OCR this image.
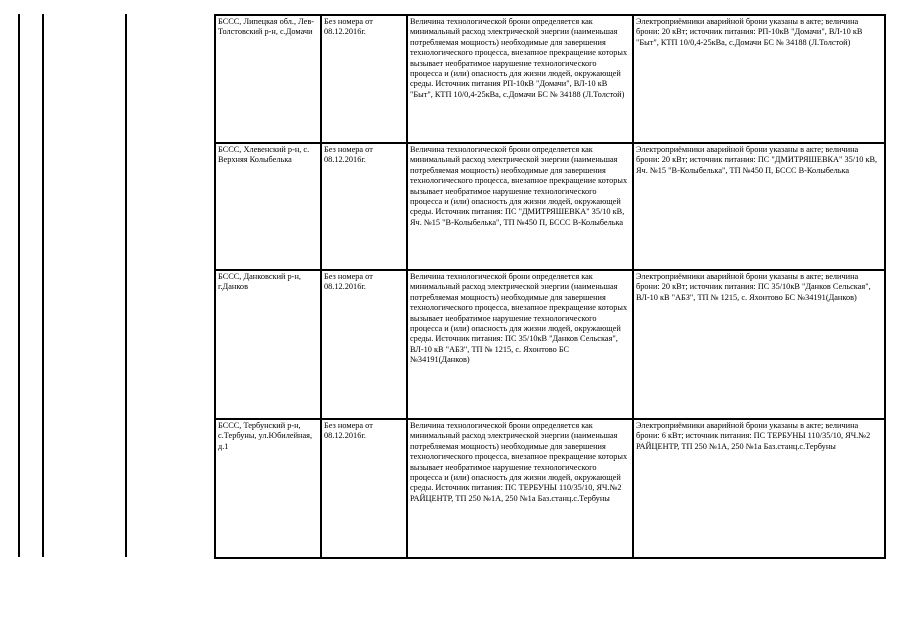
БССС, Липецкая обл., Лев-Толстовский р-н, с.Домачи	Без номера от 08.12.2016г.	Величина технологической брони определяется как минимальный расход электрической энергии (наименьшая потребляемая мощность) необходимые для завершения технологического процесса, внезапное прекращение которых вызывает необратимое нарушение технологического процесса и (или) опасность для жизни людей, окружающей среды. Источник питания РП-10кВ "Домачи", ВЛ-10 кВ "Быт", КТП 10/0,4-25кВа, с.Домачи БС № 34188 (Л.Толстой)	Электроприёмники аварийной брони указаны в акте; величина брони: 20 кВт; источник питания: РП-10кВ "Домачи", ВЛ-10 кВ "Быт", КТП 10/0,4-25кВа, с.Домачи БС № 34188 (Л.Толстой)
БССС, Хлевенский р-н, с. Верхняя Колыбелька	Без номера от 08.12.2016г.	Величина технологической брони определяется как минимальный расход электрической энергии (наименьшая потребляемая мощность) необходимые для завершения технологического процесса, внезапное прекращение которых вызывает необратимое нарушение технологического процесса и (или) опасность для жизни людей, окружающей среды. Источник питания: ПС "ДМИТРЯШЕВКА" 35/10 кВ, Яч. №15 "В-Колыбелька", ТП №450 П, БССС В-Колыбелька	Электроприёмники аварийной брони указаны в акте; величина брони: 20 кВт; источник питания: ПС "ДМИТРЯШЕВКА" 35/10 кВ, Яч. №15 "В-Колыбелька", ТП №450 П, БССС В-Колыбелька
БССС, Данковский р-н, г.Данков	Без номера от 08.12.2016г.	Величина технологической брони определяется как минимальный расход электрической энергии (наименьшая потребляемая мощность) необходимые для завершения технологического процесса, внезапное прекращение которых вызывает необратимое нарушение технологического процесса и (или) опасность для жизни людей, окружающей среды. Источник питания: ПС 35/10кВ "Данков Сельская", ВЛ-10 кВ "АБЗ", ТП № 1215, с. Яхонтово БС №34191(Данков)	Электроприёмники аварийной брони указаны в акте; величина брони: 20 кВт; источник питания: ПС 35/10кВ "Данков Сельская", ВЛ-10 кВ "АБЗ", ТП № 1215, с. Яхонтово БС №34191(Данков)
БССС, Тербунский р-н, с.Тербуны, ул.Юбилейная, д.1	Без номера от 08.12.2016г.	Величина технологической брони определяется как минимальный расход электрической энергии (наименьшая потребляемая мощность) необходимые для завершения технологического процесса, внезапное прекращение которых вызывает необратимое нарушение технологического процесса и (или) опасность для жизни людей, окружающей среды. Источник питания: ПС ТЕРБУНЫ 110/35/10, ЯЧ.№2 РАЙЦЕНТР, ТП 250 №1А, 250 №1а Баз.станц.с.Тербуны	Электроприёмники аварийной брони указаны в акте; величина брони: 6 кВт; источник питания: ПС ТЕРБУНЫ 110/35/10, ЯЧ.№2 РАЙЦЕНТР, ТП 250 №1А, 250 №1а Баз.станц.с.Тербуны
